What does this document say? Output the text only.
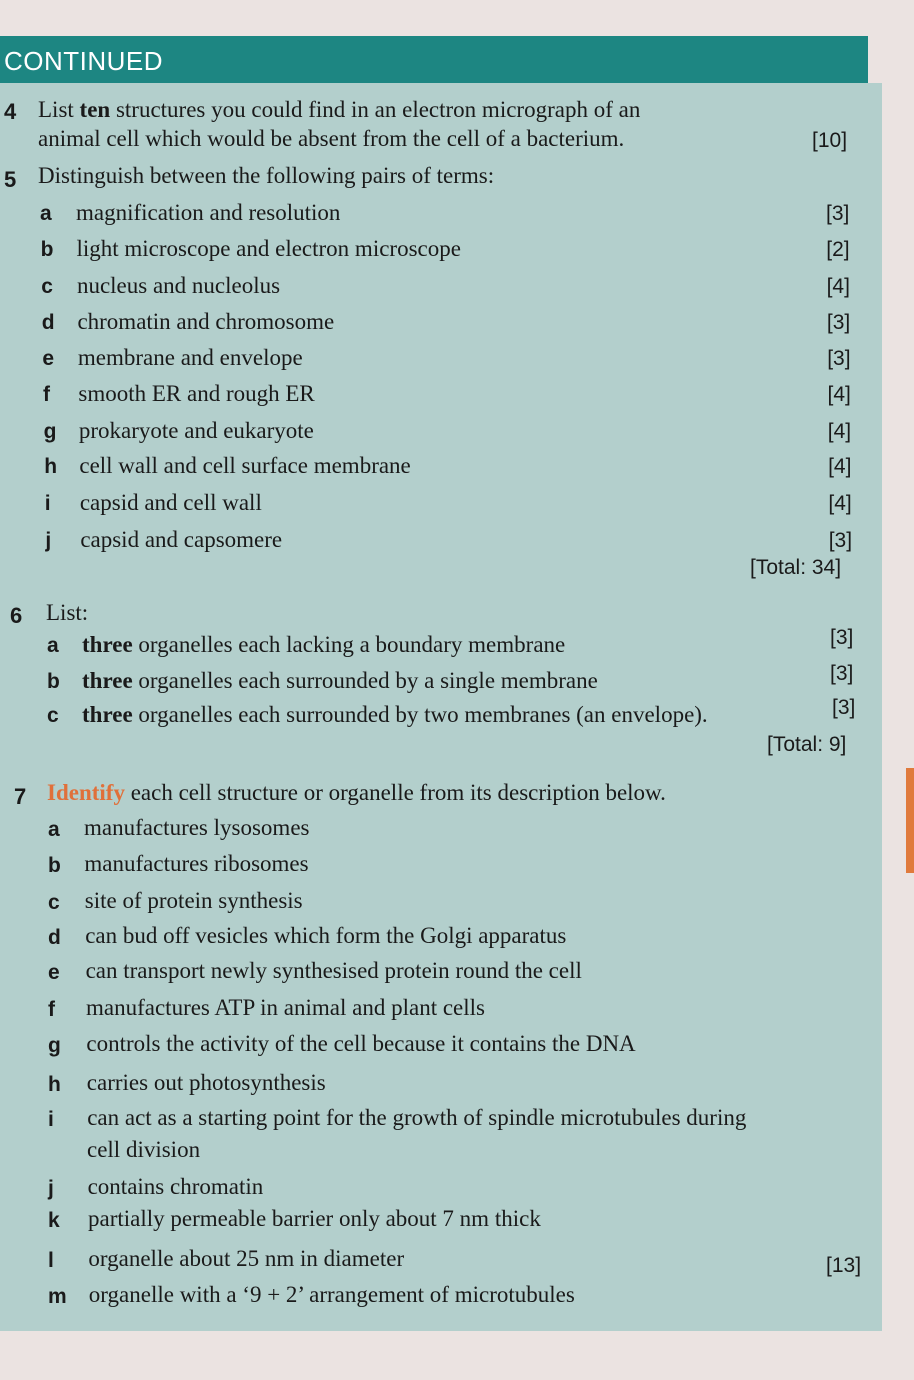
CONTINUED
4 List ten structures you could find in an electron micrograph of an
animal cell which would be absent from the cell of a bacterium.	[10]
5 Distinguish between the following pairs of terms:
a magnification and resolution	[3]
b light microscope and electron microscope	[2]
c nucleus and nucleolus	[4]
d chromatin and chromosome	[3]
e membrane and envelope	[3]
f smooth ER and rough ER	[4]
g prokaryote and eukaryote	[4]
h cell wall and cell surface membrane	[4]
i capsid and cell wall	[4]
j capsid and capsomere	[3]
[Total: 34]
6 List:
a three organelles each lacking a boundary membrane	[3]
b three organelles each surrounded by a single membrane	[3]
c three organelles each surrounded by two membranes (an envelope).	[3]
[Total: 9]
7 Identify each cell structure or organelle from its description below.
a manufactures lysosomes
b manufactures ribosomes
c site of protein synthesis
d can bud off vesicles which form the Golgi apparatus
e can transport newly synthesised protein round the cell
f manufactures ATP in animal and plant cells
g controls the activity of the cell because it contains the DNA
h carries out photosynthesis
i can act as a starting point for the growth of spindle microtubules during
cell division
j contains chromatin
k partially permeable barrier only about 7 nm thick
l organelle about 25 nm in diameter
m organelle with a ‘9 + 2’ arrangement of microtubules
[13]
